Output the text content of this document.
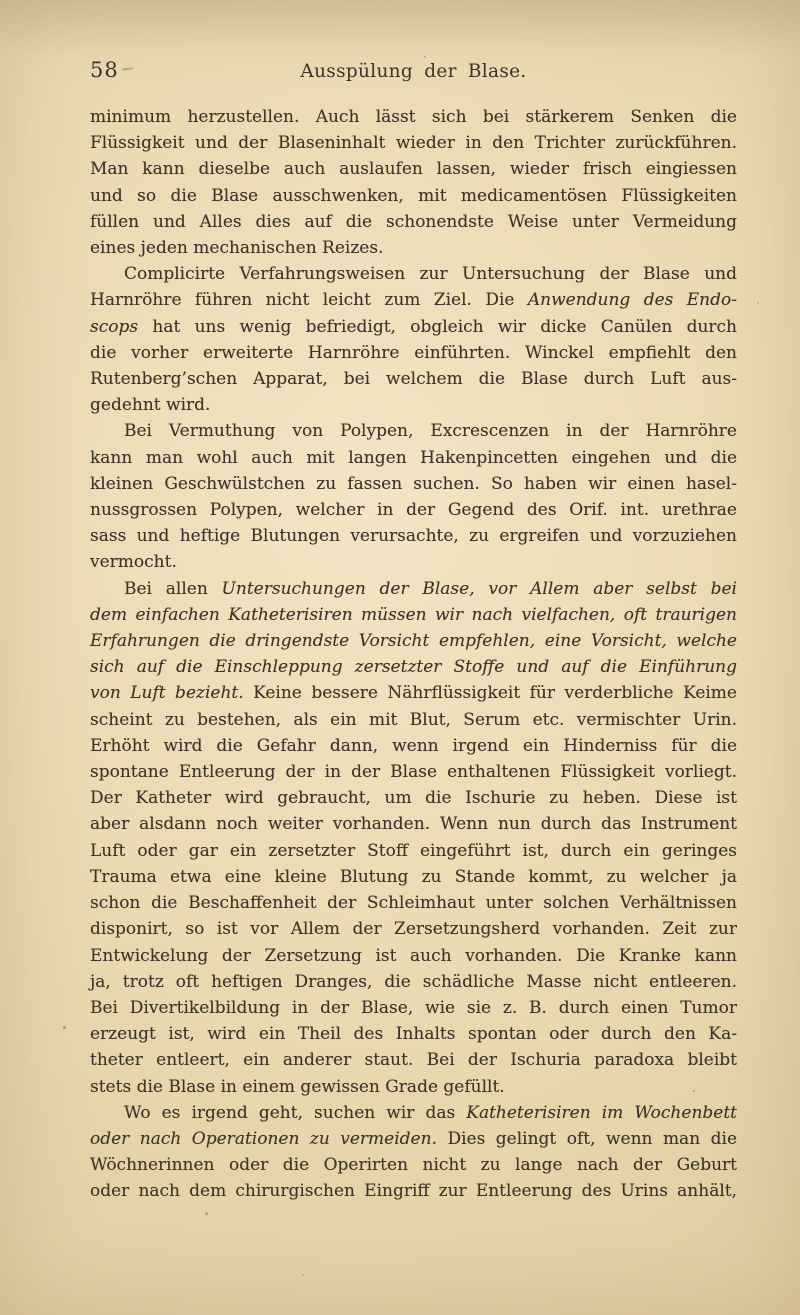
58	Ausspülung der Blase.
minimum herzustellen. Auch lässt sich bei stärkerem Senken die
Flüssigkeit und der Blaseninhalt wieder in den Trichter zurückführen.
Man kann dieselbe auch auslaufen lassen, wieder frisch eingiessen
und so die Blase ausschwenken, mit medicamentösen Flüssigkeiten
füllen und Alles dies auf die schonendste Weise unter Vermeidung
eines jeden mechanischen Reizes.
Complicirte Verfahrungsweisen zur Untersuchung der Blase und
Harnröhre führen nicht leicht zum Ziel. Die Anwendung des Endo-
scops hat uns wenig befriedigt, obgleich wir dicke Canülen durch
die vorher erweiterte Harnröhre einführten. Winckel empfiehlt den
Rutenberg’schen Apparat, bei welchem die Blase durch Luft aus-
gedehnt wird.
Bei Vermuthung von Polypen, Excrescenzen in der Harnröhre
kann man wohl auch mit langen Hakenpincetten eingehen und die
kleinen Geschwülstchen zu fassen suchen. So haben wir einen hasel-
nussgrossen Polypen, welcher in der Gegend des Orif. int. urethrae
sass und heftige Blutungen verursachte, zu ergreifen und vorzuziehen
vermocht.
Bei allen Untersuchungen der Blase, vor Allem aber selbst bei
dem einfachen Katheterisiren müssen wir nach vielfachen, oft traurigen
Erfahrungen die dringendste Vorsicht empfehlen, eine Vorsicht, welche
sich auf die Einschleppung zersetzter Stoffe und auf die Einführung
von Luft bezieht. Keine bessere Nährflüssigkeit für verderbliche Keime
scheint zu bestehen, als ein mit Blut, Serum etc. vermischter Urin.
Erhöht wird die Gefahr dann, wenn irgend ein Hinderniss für die
spontane Entleerung der in der Blase enthaltenen Flüssigkeit vorliegt.
Der Katheter wird gebraucht, um die Ischurie zu heben. Diese ist
aber alsdann noch weiter vorhanden. Wenn nun durch das Instrument
Luft oder gar ein zersetzter Stoff eingeführt ist, durch ein geringes
Trauma etwa eine kleine Blutung zu Stande kommt, zu welcher ja
schon die Beschaffenheit der Schleimhaut unter solchen Verhältnissen
disponirt, so ist vor Allem der Zersetzungsherd vorhanden. Zeit zur
Entwickelung der Zersetzung ist auch vorhanden. Die Kranke kann
ja, trotz oft heftigen Dranges, die schädliche Masse nicht entleeren.
Bei Divertikelbildung in der Blase, wie sie z. B. durch einen Tumor
erzeugt ist, wird ein Theil des Inhalts spontan oder durch den Ka-
theter entleert, ein anderer staut. Bei der Ischuria paradoxa bleibt
stets die Blase in einem gewissen Grade gefüllt.
Wo es irgend geht, suchen wir das Katheterisiren im Wochenbett
oder nach Operationen zu vermeiden. Dies gelingt oft, wenn man die
Wöchnerinnen oder die Operirten nicht zu lange nach der Geburt
oder nach dem chirurgischen Eingriff zur Entleerung des Urins anhält,
